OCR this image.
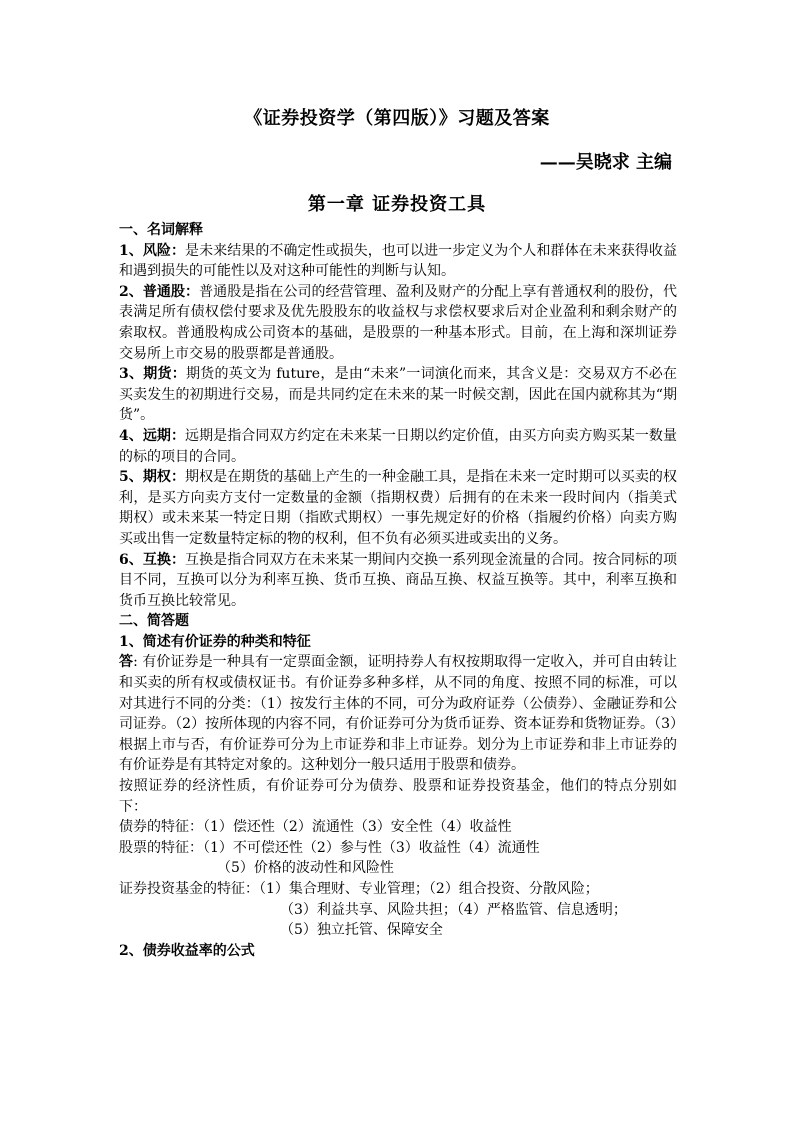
《证券投资学（第四版）》习题及答案
——吴晓求 主编
第一章 证券投资工具

一、名词解释

1、风险：是未来结果的不确定性或损失，也可以进一步定义为个人和群体在未来获得收益和遇到损失的可能性以及对这种可能性的判断与认知。

2、普通股：普通股是指在公司的经营管理、盈利及财产的分配上享有普通权利的股份，代表满足所有债权偿付要求及优先股股东的收益权与求偿权要求后对企业盈利和剩余财产的索取权。普通股构成公司资本的基础，是股票的一种基本形式。目前，在上海和深圳证券交易所上市交易的股票都是普通股。

3、期货：期货的英文为 future，是由“未来”一词演化而来，其含义是：交易双方不必在买卖发生的初期进行交易，而是共同约定在未来的某一时候交割，因此在国内就称其为“期货”。

4、远期：远期是指合同双方约定在未来某一日期以约定价值，由买方向卖方购买某一数量的标的项目的合同。

5、期权：期权是在期货的基础上产生的一种金融工具，是指在未来一定时期可以买卖的权利，是买方向卖方支付一定数量的金额（指期权费）后拥有的在未来一段时间内（指美式期权）或未来某一特定日期（指欧式期权）一事先规定好的价格（指履约价格）向卖方购买或出售一定数量特定标的物的权利，但不负有必须买进或卖出的义务。

6、互换：互换是指合同双方在未来某一期间内交换一系列现金流量的合同。按合同标的项目不同，互换可以分为利率互换、货币互换、商品互换、权益互换等。其中，利率互换和货币互换比较常见。

二、简答题

1、简述有价证券的种类和特征

答: 有价证券是一种具有一定票面金额，证明持券人有权按期取得一定收入，并可自由转让和买卖的所有权或债权证书。有价证券多种多样，从不同的角度、按照不同的标准，可以对其进行不同的分类：（1）按发行主体的不同，可分为政府证券（公债券）、金融证券和公司证券。（2）按所体现的内容不同，有价证券可分为货币证券、资本证券和货物证券。（3）根据上市与否，有价证券可分为上市证券和非上市证券。划分为上市证券和非上市证券的有价证券是有其特定对象的。这种划分一般只适用于股票和债券。

按照证券的经济性质，有价证券可分为债券、股票和证券投资基金，他们的特点分别如下：

债券的特征：（1）偿还性（2）流通性（3）安全性（4）收益性

股票的特征：（1）不可偿还性（2）参与性（3）收益性（4）流通性

（5）价格的波动性和风险性

证券投资基金的特征：（1）集合理财、专业管理；（2）组合投资、分散风险；

（3）利益共享、风险共担；（4）严格监管、信息透明；

（5）独立托管、保障安全

2、债券收益率的公式
